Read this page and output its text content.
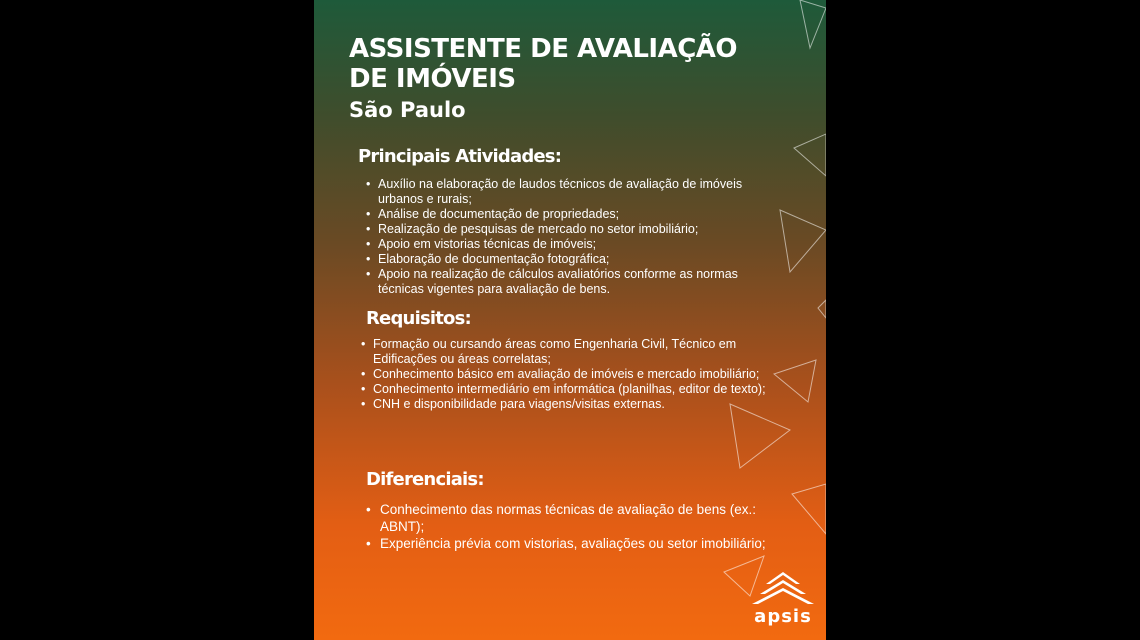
ASSISTENTE DE AVALIAÇÃO
DE IMÓVEIS

São Paulo

Principais Atividades:
• Auxílio na elaboração de laudos técnicos de avaliação de imóveis urbanos e rurais;
• Análise de documentação de propriedades;
• Realização de pesquisas de mercado no setor imobiliário;
• Apoio em vistorias técnicas de imóveis;
• Elaboração de documentação fotográfica;
• Apoio na realização de cálculos avaliatórios conforme as normas técnicas vigentes para avaliação de bens.
Requisitos:
• Formação ou cursando áreas como Engenharia Civil, Técnico em Edificações ou áreas correlatas;
• Conhecimento básico em avaliação de imóveis e mercado imobiliário;
• Conhecimento intermediário em informática (planilhas, editor de texto);
• CNH e disponibilidade para viagens/visitas externas.
Diferenciais:
• Conhecimento das normas técnicas de avaliação de bens (ex.: ABNT);
• Experiência prévia com vistorias, avaliações ou setor imobiliário;
apsis
